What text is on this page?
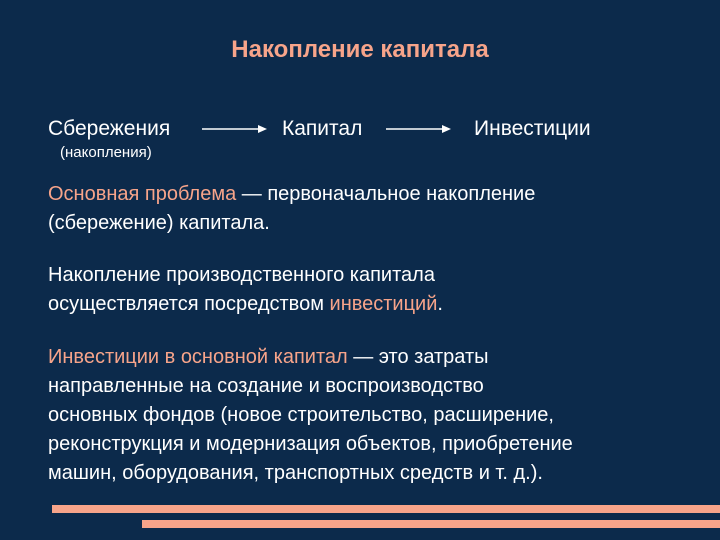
Накопление капитала
Сбережения
(накопления)
Капитал	Инвестиции
Основная проблема — первоначальное накопление
(сбережение) капитала.
Накопление производственного капитала
осуществляется посредством инвестиций.
Инвестиции в основной капитал — это затраты
направленные на создание и воспроизводство
основных фондов (новое строительство, расширение,
реконструкция и модернизация объектов, приобретение
машин, оборудования, транспортных средств и т. д.).
